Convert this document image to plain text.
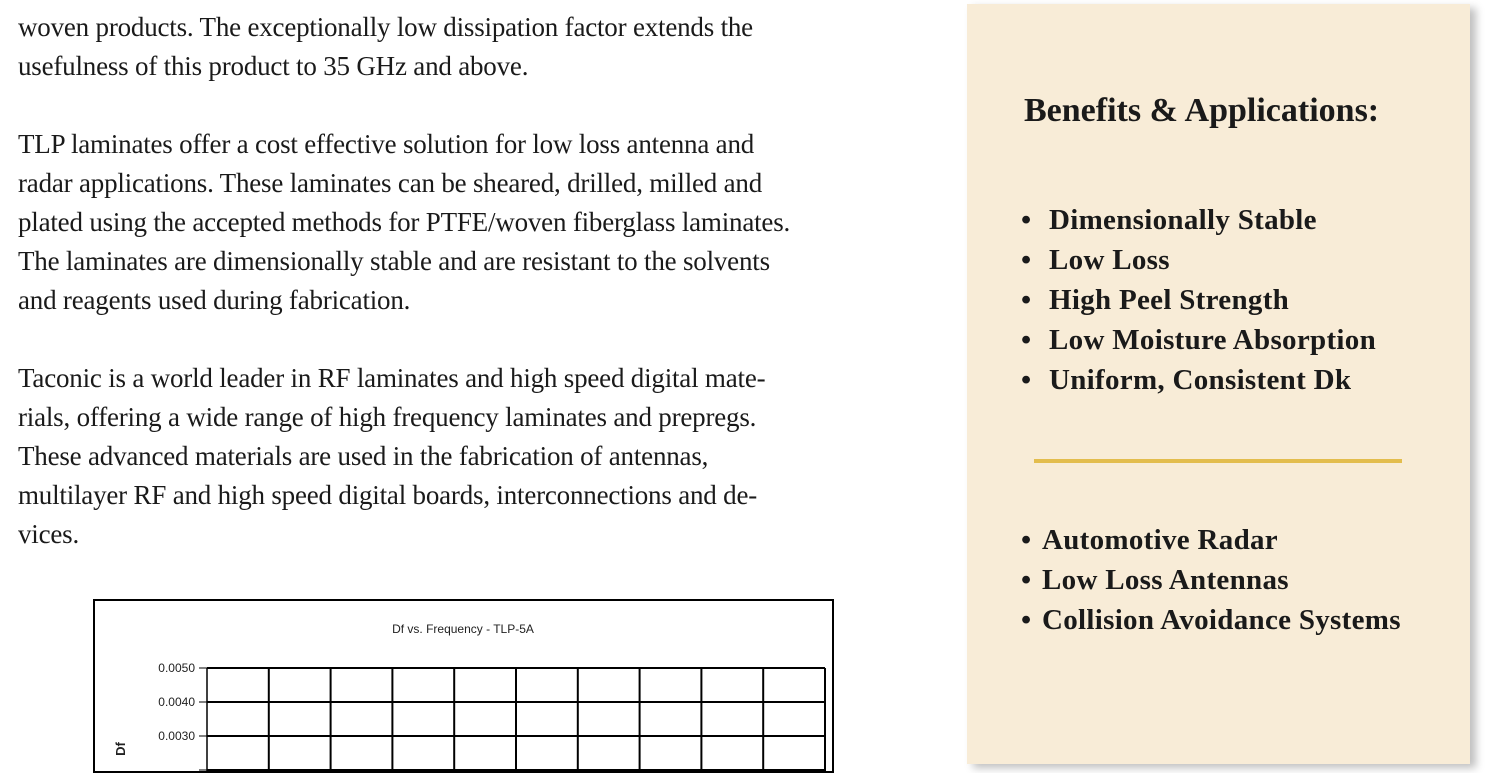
woven products. The exceptionally low dissipation factor extends the
usefulness of this product to 35 GHz and above.

TLP laminates offer a cost effective solution for low loss antenna and
radar applications. These laminates can be sheared, drilled, milled and
plated using the accepted methods for PTFE/woven fiberglass laminates.
The laminates are dimensionally stable and are resistant to the solvents
and reagents used during fabrication.

Taconic is a world leader in RF laminates and high speed digital mate-
rials, offering a wide range of high frequency laminates and prepregs.
These advanced materials are used in the fabrication of antennas,
multilayer RF and high speed digital boards, interconnections and de-
vices.

Benefits & Applications:
• Dimensionally Stable
• Low Loss
• High Peel Strength
• Low Moisture Absorption
• Uniform, Consistent Dk
• Automotive Radar
• Low Loss Antennas
• Collision Avoidance Systems
Df vs. Frequency - TLP-5A
0.0050
0.0040
0.0030
Df
